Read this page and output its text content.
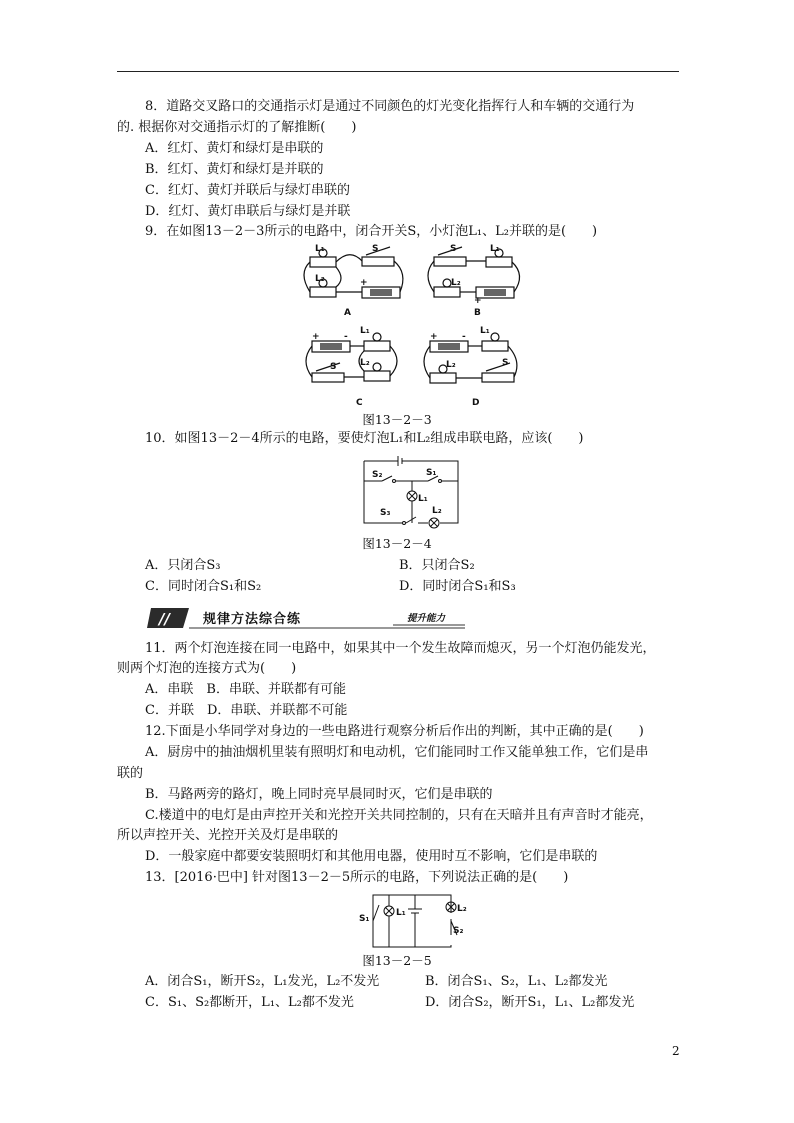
8．道路交叉路口的交通指示灯是通过不同颜色的灯光变化指挥行人和车辆的交通行为
的. 根据你对交通指示灯的了解推断(　　)
A．红灯、黄灯和绿灯是串联的
B．红灯、黄灯和绿灯是并联的
C．红灯、黄灯并联后与绿灯串联的
D．红灯、黄灯串联后与绿灯是并联
9．在如图13－2－3所示的电路中，闭合开关S，小灯泡L₁、L₂并联的是(　　)
L₁	S
L₂	+
A
S	L₁
L₂
+
B
+	-
L₁
S	L₂
C
+	-
L₁
S
L₂
D
图13－2－3
10．如图13－2－4所示的电路，要使灯泡L₁和L₂组成串联电路，应该(　　)
S₂	S₁
L₁
S₃	L₂
图13－2－4
A．只闭合S₃	B．只闭合S₂
C．同时闭合S₁和S₂	D．同时闭合S₁和S₃
//	规律方法综合练	提升能力
11．两个灯泡连接在同一电路中，如果其中一个发生故障而熄灭，另一个灯泡仍能发光，
则两个灯泡的连接方式为(　　)
A．串联　B．串联、并联都有可能
C．并联　D．串联、并联都不可能
12.下面是小华同学对身边的一些电路进行观察分析后作出的判断，其中正确的是(　　)
A．厨房中的抽油烟机里装有照明灯和电动机，它们能同时工作又能单独工作，它们是串
联的
B．马路两旁的路灯，晚上同时亮早晨同时灭，它们是串联的
C.楼道中的电灯是由声控开关和光控开关共同控制的，只有在天暗并且有声音时才能亮，
所以声控开关、光控开关及灯是串联的
D．一般家庭中都要安装照明灯和其他用电器，使用时互不影响，它们是串联的
13．[2016·巴中] 针对图13－2－5所示的电路，下列说法正确的是(　　)
S₁
L₁	L₂
S₂
图13－2－5
A．闭合S₁，断开S₂，L₁发光，L₂不发光	B．闭合S₁、S₂，L₁、L₂都发光
C．S₁、S₂都断开，L₁、L₂都不发光	D．闭合S₂，断开S₁，L₁、L₂都发光
2
